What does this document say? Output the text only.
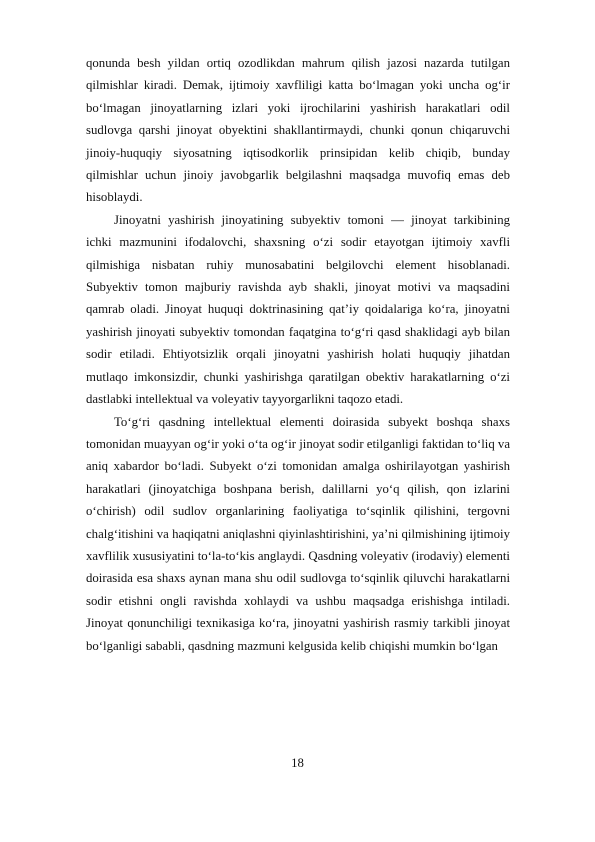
qonunda besh yildan ortiq ozodlikdan mahrum qilish jazosi nazarda tutilgan qilmishlar kiradi. Demak, ijtimoiy xavfliligi katta bo‘lmagan yoki uncha og‘ir bo‘lmagan jinoyatlarning izlari yoki ijrochilarini yashirish harakatlari odil sudlovga qarshi jinoyat obyektini shakllantirmaydi, chunki qonun chiqaruvchi jinoiy-huquqiy siyosatning iqtisodkorlik prinsipidan kelib chiqib, bunday qilmishlar uchun jinoiy javobgarlik belgilashni maqsadga muvofiq emas deb hisoblaydi.

Jinoyatni yashirish jinoyatining subyektiv tomoni — jinoyat tarkibining ichki mazmunini ifodalovchi, shaxsning o‘zi sodir etayotgan ijtimoiy xavfli qilmishiga nisbatan ruhiy munosabatini belgilovchi element hisoblanadi. Subyektiv tomon majburiy ravishda ayb shakli, jinoyat motivi va maqsadini qamrab oladi. Jinoyat huquqi doktrinasining qat’iy qoidalariga ko‘ra, jinoyatni yashirish jinoyati subyektiv tomondan faqatgina to‘g‘ri qasd shaklidagi ayb bilan sodir etiladi. Ehtiyotsizlik orqali jinoyatni yashirish holati huquqiy jihatdan mutlaqo imkonsizdir, chunki yashirishga qaratilgan obektiv harakatlarning o‘zi dastlabki intellektual va voleyativ tayyorgarlikni taqozo etadi.

To‘g‘ri qasdning intellektual elementi doirasida subyekt boshqa shaxs tomonidan muayyan og‘ir yoki o‘ta og‘ir jinoyat sodir etilganligi faktidan to‘liq va aniq xabardor bo‘ladi. Subyekt o‘zi tomonidan amalga oshirilayotgan yashirish harakatlari (jinoyatchiga boshpana berish, dalillarni yo‘q qilish, qon izlarini o‘chirish) odil sudlov organlarining faoliyatiga to‘sqinlik qilishini, tergovni chalg‘itishini va haqiqatni aniqlashni qiyinlashtirishini, ya’ni qilmishining ijtimoiy xavflilik xususiyatini to‘la-to‘kis anglaydi. Qasdning voleyativ (irodaviy) elementi doirasida esa shaxs aynan mana shu odil sudlovga to‘sqinlik qiluvchi harakatlarni sodir etishni ongli ravishda xohlaydi va ushbu maqsadga erishishga intiladi. Jinoyat qonunchiligi texnikasiga ko‘ra, jinoyatni yashirish rasmiy tarkibli jinoyat bo‘lganligi sababli, qasdning mazmuni kelgusida kelib chiqishi mumkin bo‘lgan

18
